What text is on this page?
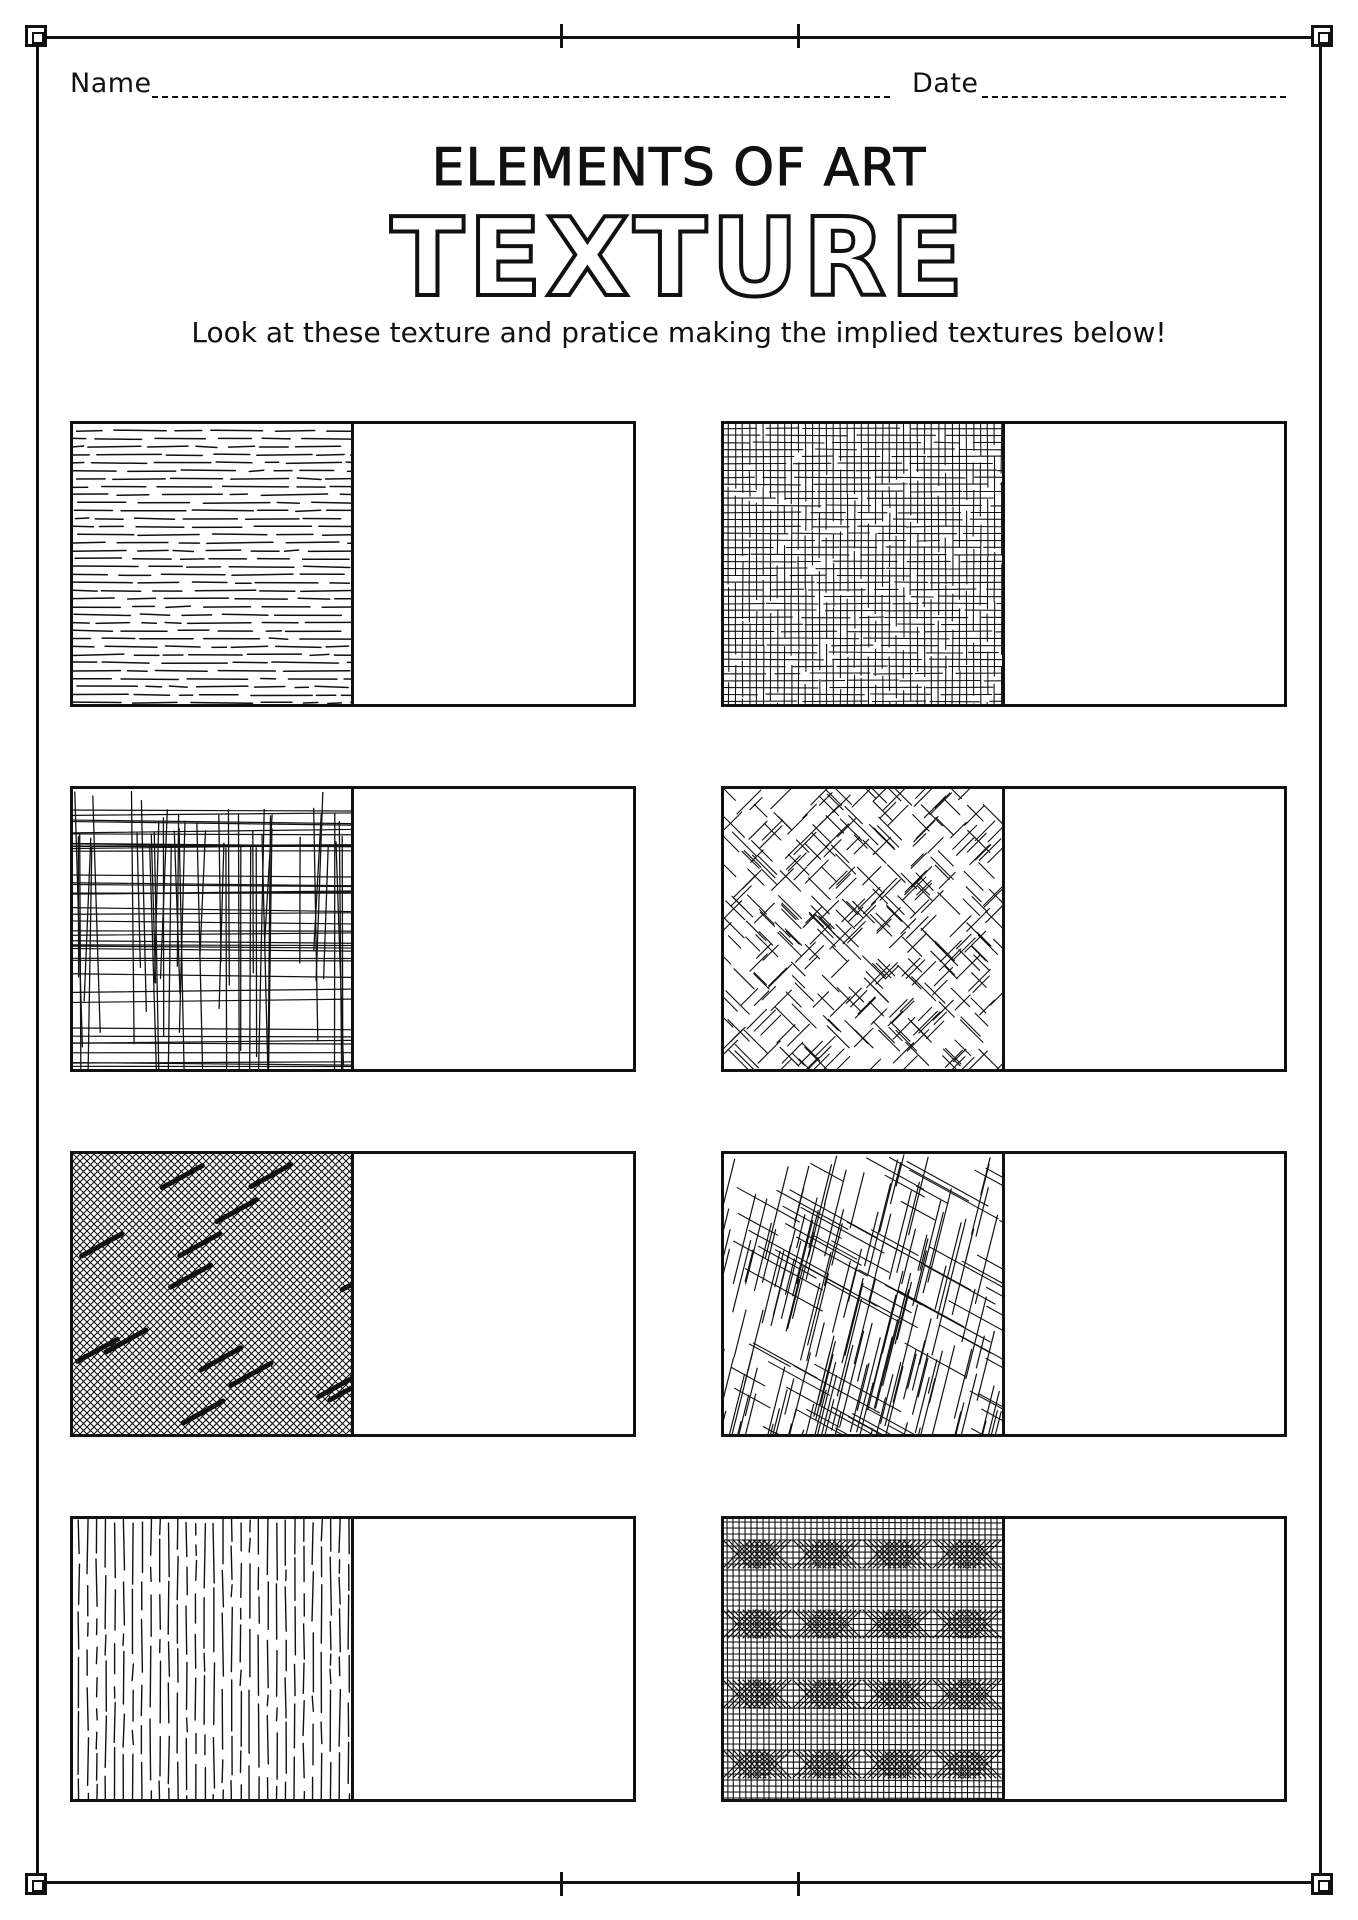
Name	Date
ELEMENTS OF ART
TEXTURE
Look at these texture and pratice making the implied textures below!
